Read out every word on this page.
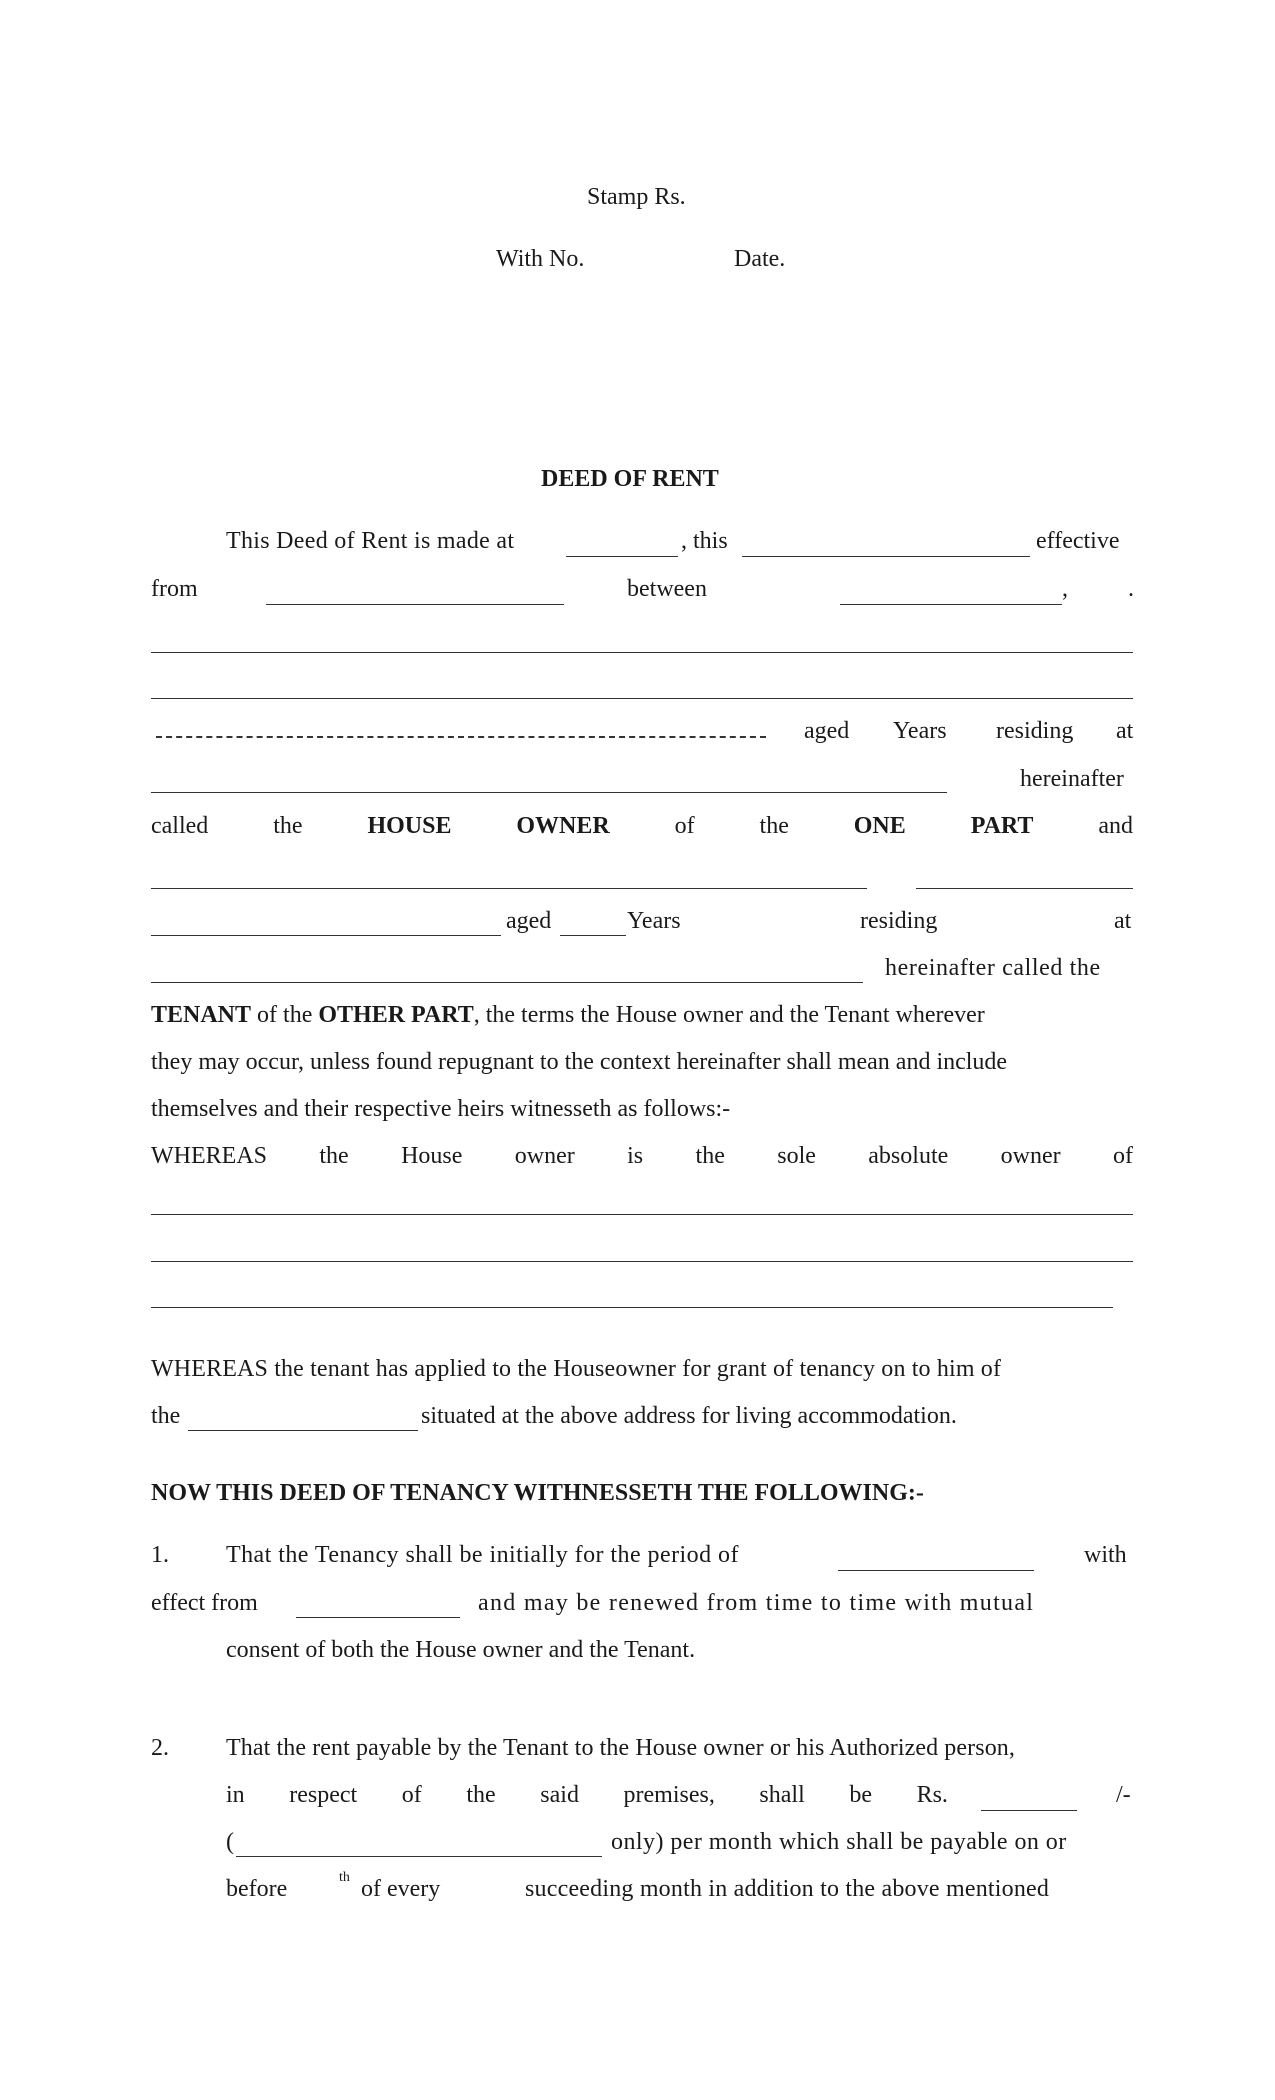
Stamp Rs.
With No.	Date.
DEED OF RENT
This Deed of Rent is made at	, this	effective
from	between	,	.
aged Years residing at
hereinafter
called	the	HOUSE	OWNER	of	the	ONE	PART	and
aged	Years	residing	at
hereinafter called the
TENANT of the OTHER PART, the terms the House owner and the Tenant wherever
they may occur, unless found repugnant to the context hereinafter shall mean and include
themselves and their respective heirs witnesseth as follows:-
WHEREAS the House owner is the sole absolute owner of
WHEREAS the tenant has applied to the Houseowner for grant of tenancy on to him of
the	situated at the above address for living accommodation.
NOW THIS DEED OF TENANCY WITHNESSETH THE FOLLOWING:-
1. That the Tenancy shall be initially for the period of	with
effect from	and may be renewed from time to time with mutual
consent of both the House owner and the Tenant.
2. That the rent payable by the Tenant to the House owner or his Authorized person,
in respect of the said premises, shall be Rs.	/-
(	only) per month which shall be payable on or
before	th of every	succeeding month in addition to the above mentioned
